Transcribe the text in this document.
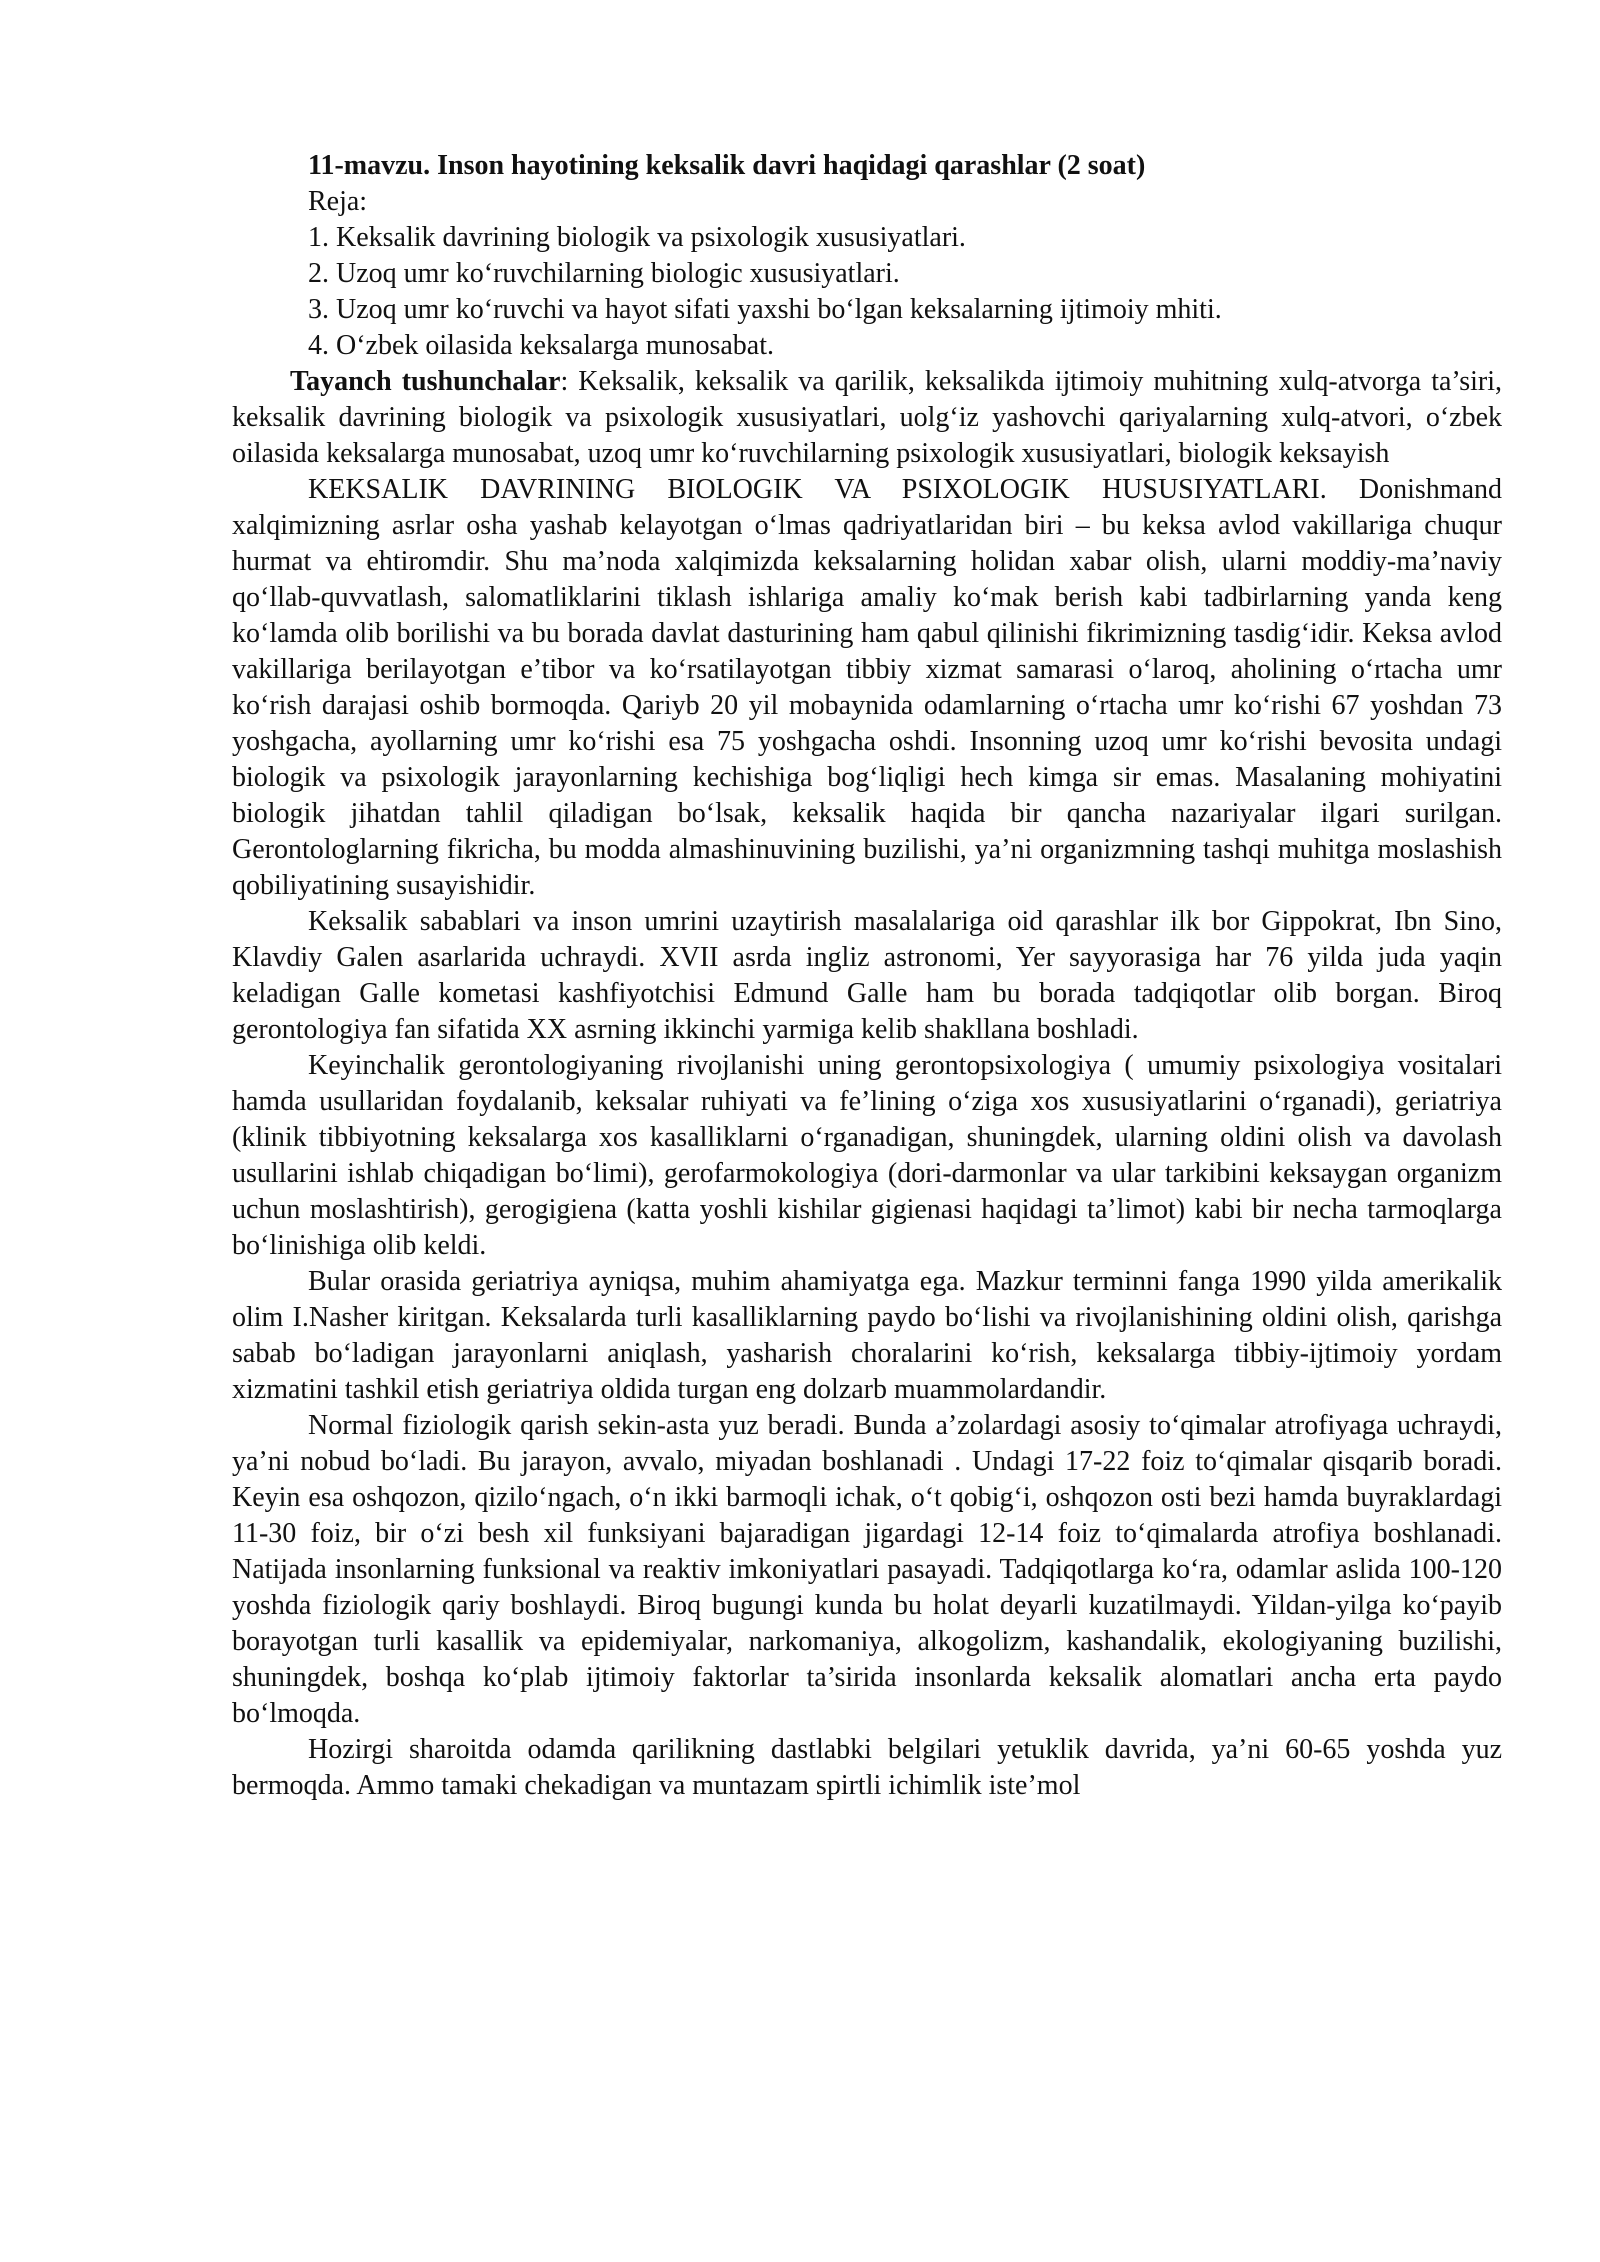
11-mavzu. Inson hayotining keksalik davri haqidagi qarashlar (2 soat)

Reja:

1. Keksalik davrining biologik va psixologik xususiyatlari.

2. Uzoq umr ko‘ruvchilarning biologic xususiyatlari.

3. Uzoq umr ko‘ruvchi va hayot sifati yaxshi bo‘lgan keksalarning ijtimoiy mhiti.

4. O‘zbek oilasida keksalarga munosabat.

Tayanch tushunchalar: Keksalik, keksalik va qarilik, keksalikda ijtimoiy muhitning xulq-atvorga ta’siri, keksalik davrining biologik va psixologik xususiyatlari, uolg‘iz yashovchi qariyalarning xulq-atvori, o‘zbek oilasida keksalarga munosabat, uzoq umr ko‘ruvchilarning psixologik xususiyatlari, biologik keksayish

KEKSALIK DAVRINING BIOLOGIK VA PSIXOLOGIK HUSUSIYATLARI. Donishmand xalqimizning asrlar osha yashab kelayotgan o‘lmas qadriyatlaridan biri – bu keksa avlod vakillariga chuqur hurmat va ehtiromdir. Shu ma’noda xalqimizda keksalarning holidan xabar olish, ularni moddiy-ma’naviy qo‘llab-quvvatlash, salomatliklarini tiklash ishlariga amaliy ko‘mak berish kabi tadbirlarning yanda keng ko‘lamda olib borilishi va bu borada davlat dasturining ham qabul qilinishi fikrimizning tasdig‘idir. Keksa avlod vakillariga berilayotgan e’tibor va ko‘rsatilayotgan tibbiy xizmat samarasi o‘laroq, aholining o‘rtacha umr ko‘rish darajasi oshib bormoqda. Qariyb 20 yil mobaynida odamlarning o‘rtacha umr ko‘rishi 67 yoshdan 73 yoshgacha, ayollarning umr ko‘rishi esa 75 yoshgacha oshdi. Insonning uzoq umr ko‘rishi bevosita undagi biologik va psixologik jarayonlarning kechishiga bog‘liqligi hech kimga sir emas. Masalaning mohiyatini biologik jihatdan tahlil qiladigan bo‘lsak, keksalik haqida bir qancha nazariyalar ilgari surilgan. Gerontologlarning fikricha, bu modda almashinuvining buzilishi, ya’ni organizmning tashqi muhitga moslashish qobiliyatining susayishidir.

Keksalik sabablari va inson umrini uzaytirish masalalariga oid qarashlar ilk bor Gippokrat, Ibn Sino, Klavdiy Galen asarlarida uchraydi. XVII asrda ingliz astronomi, Yer sayyorasiga har 76 yilda juda yaqin keladigan Galle kometasi kashfiyotchisi Edmund Galle ham bu borada tadqiqotlar olib borgan. Biroq gerontologiya fan sifatida XX asrning ikkinchi yarmiga kelib shakllana boshladi.

Keyinchalik gerontologiyaning rivojlanishi uning gerontopsixologiya ( umumiy psixologiya vositalari hamda usullaridan foydalanib, keksalar ruhiyati va fe’lining o‘ziga xos xususiyatlarini o‘rganadi), geriatriya (klinik tibbiyotning keksalarga xos kasalliklarni o‘rganadigan, shuningdek, ularning oldini olish va davolash usullarini ishlab chiqadigan bo‘limi), gerofarmokologiya (dori-darmonlar va ular tarkibini keksaygan organizm uchun moslashtirish), gerogigiena (katta yoshli kishilar gigienasi haqidagi ta’limot) kabi bir necha tarmoqlarga bo‘linishiga olib keldi.

Bular orasida geriatriya ayniqsa, muhim ahamiyatga ega. Mazkur terminni fanga 1990 yilda amerikalik olim I.Nasher kiritgan. Keksalarda turli kasalliklarning paydo bo‘lishi va rivojlanishining oldini olish, qarishga sabab bo‘ladigan jarayonlarni aniqlash, yasharish choralarini ko‘rish, keksalarga tibbiy-ijtimoiy yordam xizmatini tashkil etish geriatriya oldida turgan eng dolzarb muammolardandir.

Normal fiziologik qarish sekin-asta yuz beradi. Bunda a’zolardagi asosiy to‘qimalar atrofiyaga uchraydi, ya’ni nobud bo‘ladi. Bu jarayon, avvalo, miyadan boshlanadi . Undagi 17-22 foiz to‘qimalar qisqarib boradi. Keyin esa oshqozon, qizilo‘ngach, o‘n ikki barmoqli ichak, o‘t qobig‘i, oshqozon osti bezi hamda buyraklardagi 11-30 foiz, bir o‘zi besh xil funksiyani bajaradigan jigardagi 12-14 foiz to‘qimalarda atrofiya boshlanadi. Natijada insonlarning funksional va reaktiv imkoniyatlari pasayadi. Tadqiqotlarga ko‘ra, odamlar aslida 100-120 yoshda fiziologik qariy boshlaydi. Biroq bugungi kunda bu holat deyarli kuzatilmaydi. Yildan-yilga ko‘payib borayotgan turli kasallik va epidemiyalar, narkomaniya, alkogolizm, kashandalik, ekologiyaning buzilishi, shuningdek, boshqa ko‘plab ijtimoiy faktorlar ta’sirida insonlarda keksalik alomatlari ancha erta paydo bo‘lmoqda.

Hozirgi sharoitda odamda qarilikning dastlabki belgilari yetuklik davrida, ya’ni 60-65 yoshda yuz bermoqda. Ammo tamaki chekadigan va muntazam spirtli ichimlik iste’mol
